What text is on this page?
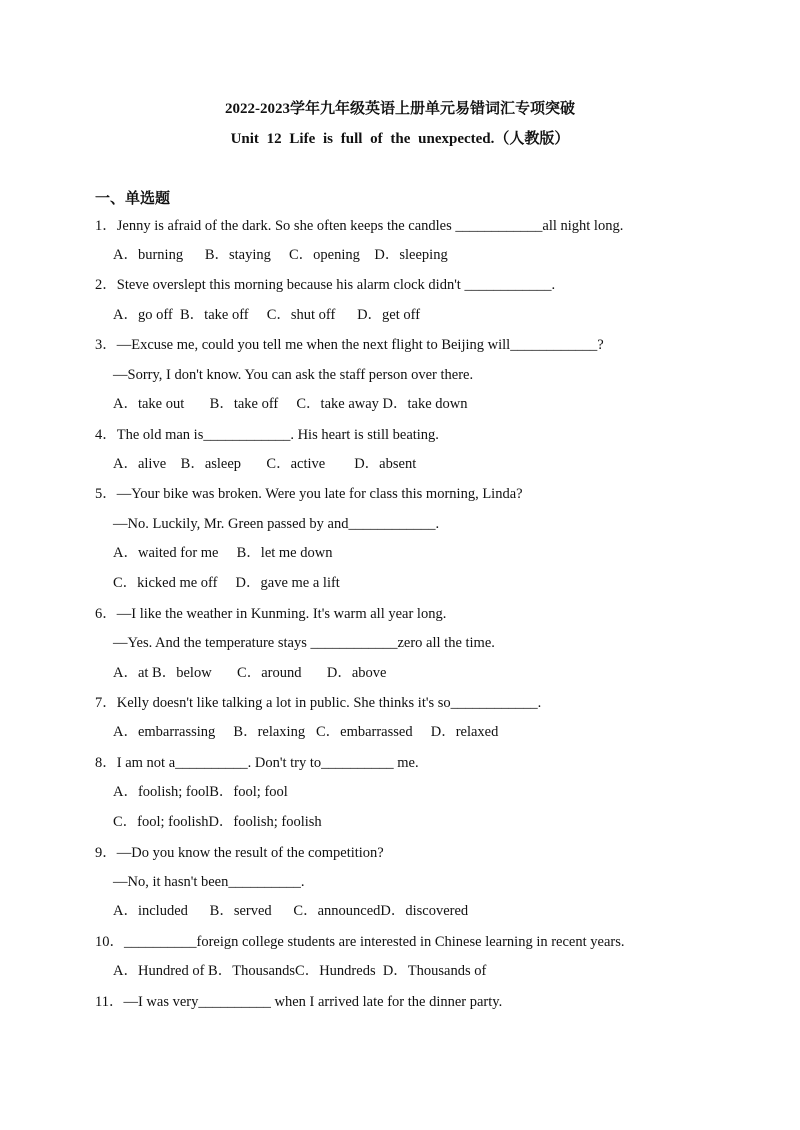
2022-2023学年九年级英语上册单元易错词汇专项突破
Unit 12 Life is full of the unexpected.（人教版）
一、单选题
1．Jenny is afraid of the dark. So she often keeps the candles ____________all night long.
A．burning      B．staying     C．opening    D．sleeping
2．Steve overslept this morning because his alarm clock didn't ____________.
A．go off  B．take off     C．shut off      D．get off
3．—Excuse me, could you tell me when the next flight to Beijing will____________?
—Sorry, I don't know. You can ask the staff person over there.
A．take out       B．take off     C．take away D．take down
4．The old man is____________. His heart is still beating.
A．alive    B．asleep       C．active        D．absent
5．—Your bike was broken. Were you late for class this morning, Linda?
—No. Luckily, Mr. Green passed by and____________.
A．waited for me     B．let me down
C．kicked me off     D．gave me a lift
6．—I like the weather in Kunming. It's warm all year long.
—Yes. And the temperature stays ____________zero all the time.
A．at B．below       C．around       D．above
7．Kelly doesn't like talking a lot in public. She thinks it's so____________.
A．embarrassing     B．relaxing   C．embarrassed     D．relaxed
8．I am not a__________. Don't try to__________ me.
A．foolish; foolB．fool; fool
C．fool; foolishD．foolish; foolish
9．—Do you know the result of the competition?
—No, it hasn't been__________.
A．included      B．served      C．announcedD．discovered
10．__________foreign college students are interested in Chinese learning in recent years.
A．Hundred of B．ThousandsC．Hundreds  D．Thousands of
11．—I was very__________ when I arrived late for the dinner party.
